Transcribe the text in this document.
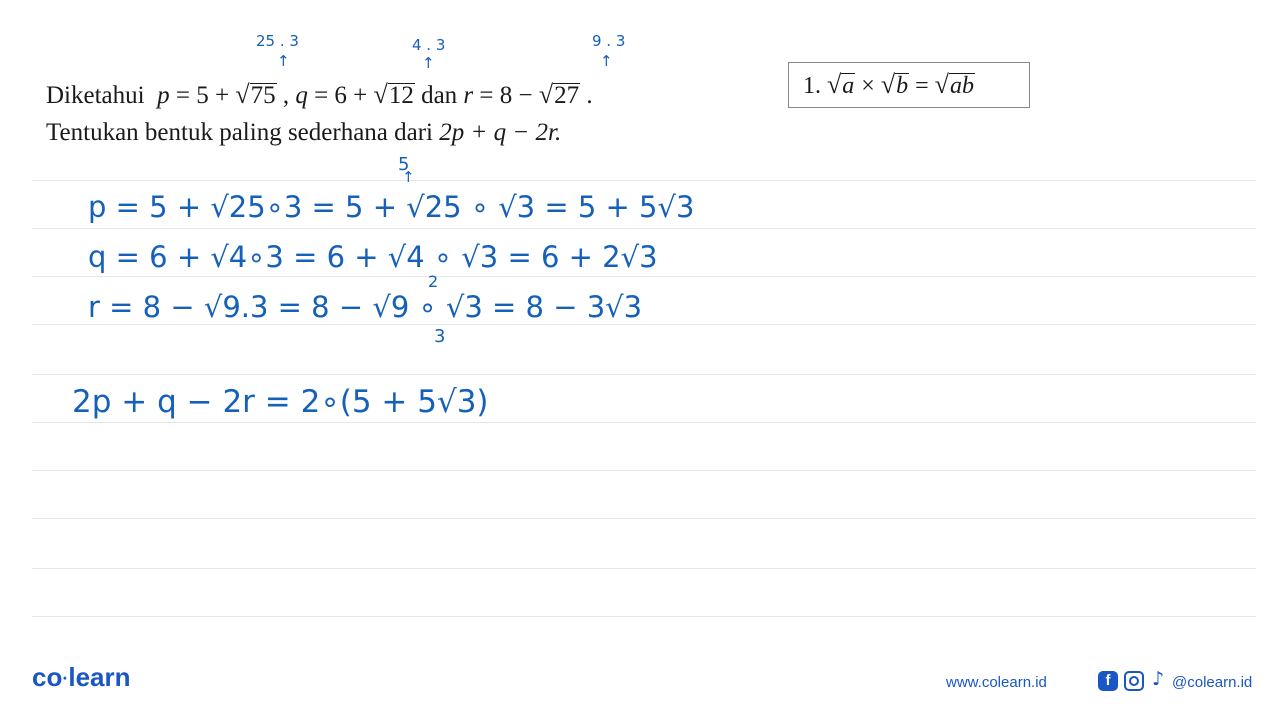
Diketahui p = 5 + √75 , q = 6 + √12 dan r = 8 − √27 .
Tentukan bentuk paling sederhana dari 2p + q − 2r.
1. √a × √b = √ab
25 . 3
↑
4 . 3
↑
9 . 3
↑
5
↑
2
3
p = 5 + √25∘3 = 5 + √25 ∘ √3 = 5 + 5√3
q = 6 + √4∘3 = 6 + √4 ∘ √3 = 6 + 2√3
r = 8 − √9.3 = 8 − √9 ∘ √3 = 8 − 3√3
2p + q − 2r = 2∘(5 + 5√3)
co·learn	www.colearn.id	f	♪ @colearn.id
